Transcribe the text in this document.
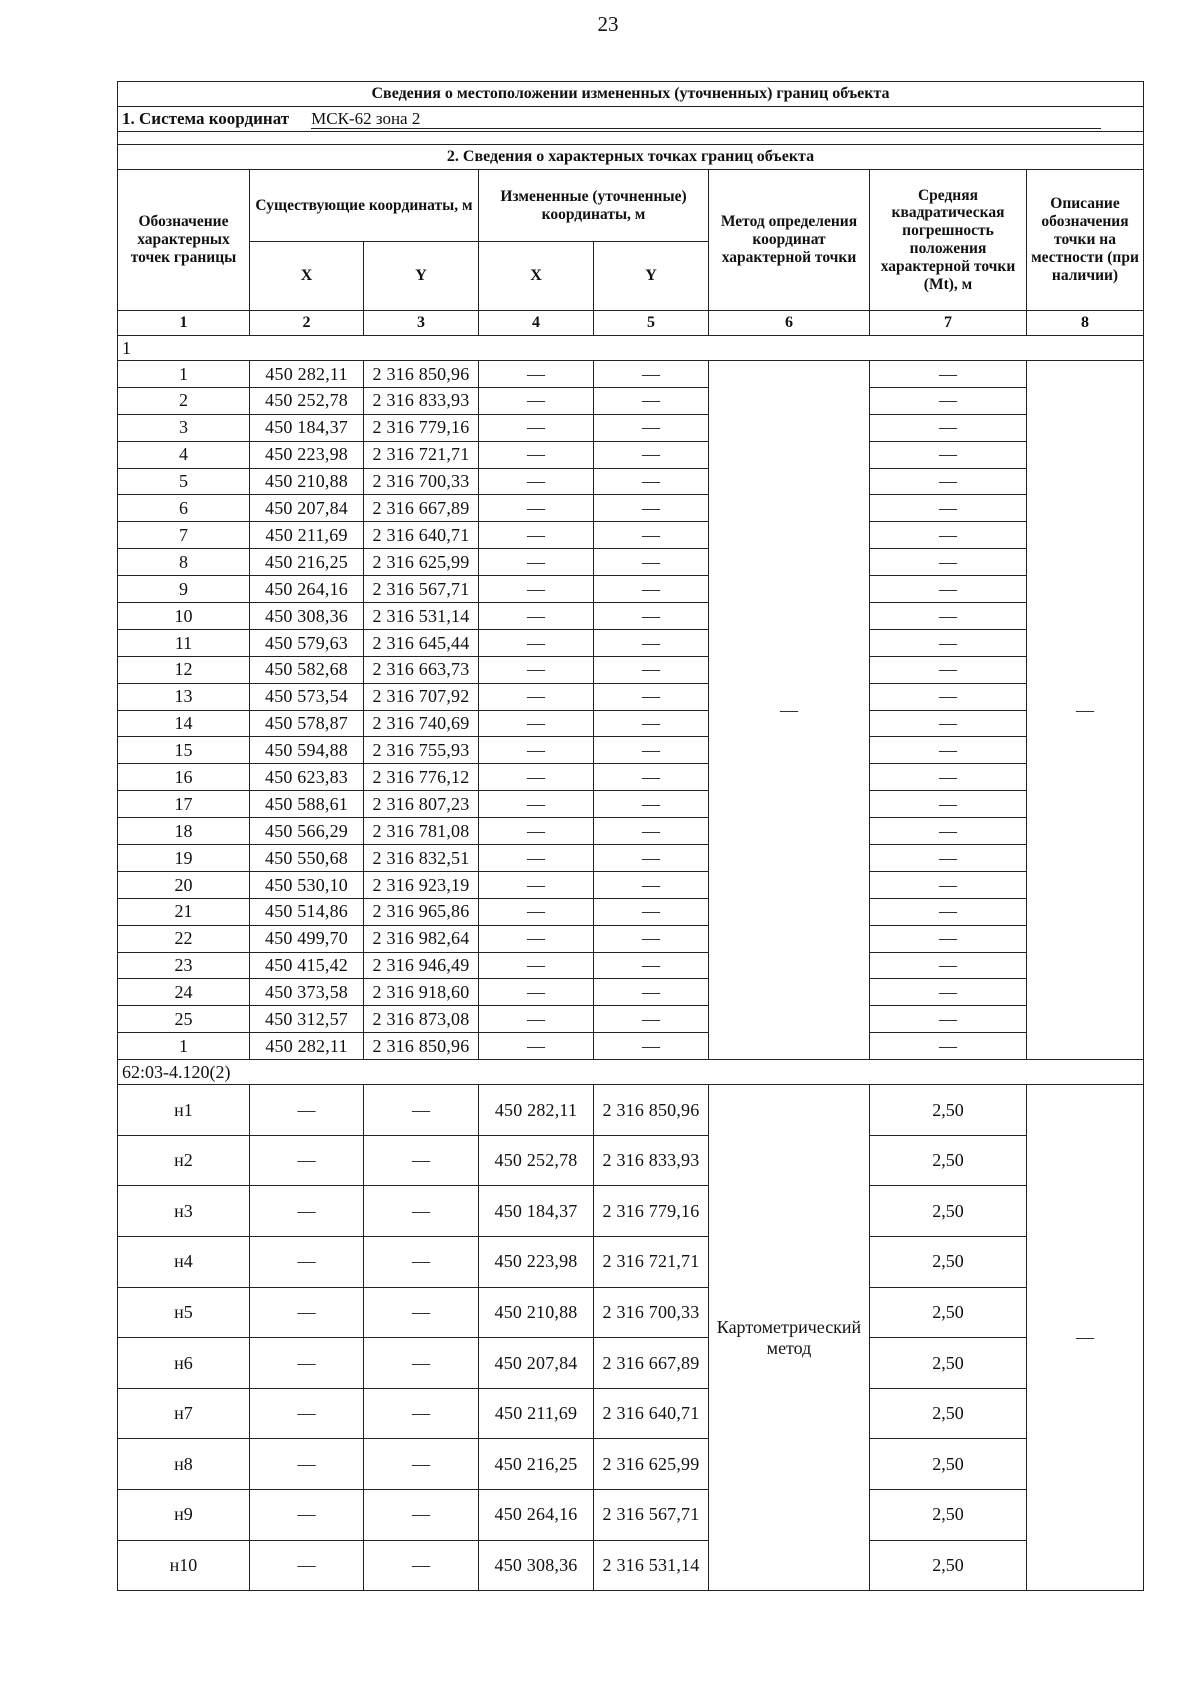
23
Сведения о местоположении измененных (уточненных) границ объекта							
1. Система координат МСК-62 зона 2							

2. Сведения о характерных точках границ объекта							
Обозначение характерных точек границы	Существующие координаты, м		Измененные (уточненные) координаты, м		Метод определения координат характерной точки	Средняя квадратическая погрешность положения характерной точки (Mt), м	Описание обозначения точки на местности (при наличии)
	X	Y	X	Y			
1	2	3	4	5	6	7	8
1							
1	450 282,11	2 316 850,96	—	—	—	—	—
2	450 252,78	2 316 833,93	—	—		—	
3	450 184,37	2 316 779,16	—	—		—	
4	450 223,98	2 316 721,71	—	—		—	
5	450 210,88	2 316 700,33	—	—		—	
6	450 207,84	2 316 667,89	—	—		—	
7	450 211,69	2 316 640,71	—	—		—	
8	450 216,25	2 316 625,99	—	—		—	
9	450 264,16	2 316 567,71	—	—		—	
10	450 308,36	2 316 531,14	—	—		—	
11	450 579,63	2 316 645,44	—	—		—	
12	450 582,68	2 316 663,73	—	—		—	
13	450 573,54	2 316 707,92	—	—		—	
14	450 578,87	2 316 740,69	—	—		—	
15	450 594,88	2 316 755,93	—	—		—	
16	450 623,83	2 316 776,12	—	—		—	
17	450 588,61	2 316 807,23	—	—		—	
18	450 566,29	2 316 781,08	—	—		—	
19	450 550,68	2 316 832,51	—	—		—	
20	450 530,10	2 316 923,19	—	—		—	
21	450 514,86	2 316 965,86	—	—		—	
22	450 499,70	2 316 982,64	—	—		—	
23	450 415,42	2 316 946,49	—	—		—	
24	450 373,58	2 316 918,60	—	—		—	
25	450 312,57	2 316 873,08	—	—		—	
1	450 282,11	2 316 850,96	—	—		—	
62:03-4.120(2)							
н1	—	—	450 282,11	2 316 850,96	Картометрический метод	2,50	—
н2	—	—	450 252,78	2 316 833,93		2,50	
н3	—	—	450 184,37	2 316 779,16		2,50	
н4	—	—	450 223,98	2 316 721,71		2,50	
н5	—	—	450 210,88	2 316 700,33		2,50	
н6	—	—	450 207,84	2 316 667,89		2,50	
н7	—	—	450 211,69	2 316 640,71		2,50	
н8	—	—	450 216,25	2 316 625,99		2,50	
н9	—	—	450 264,16	2 316 567,71		2,50	
н10	—	—	450 308,36	2 316 531,14		2,50	
